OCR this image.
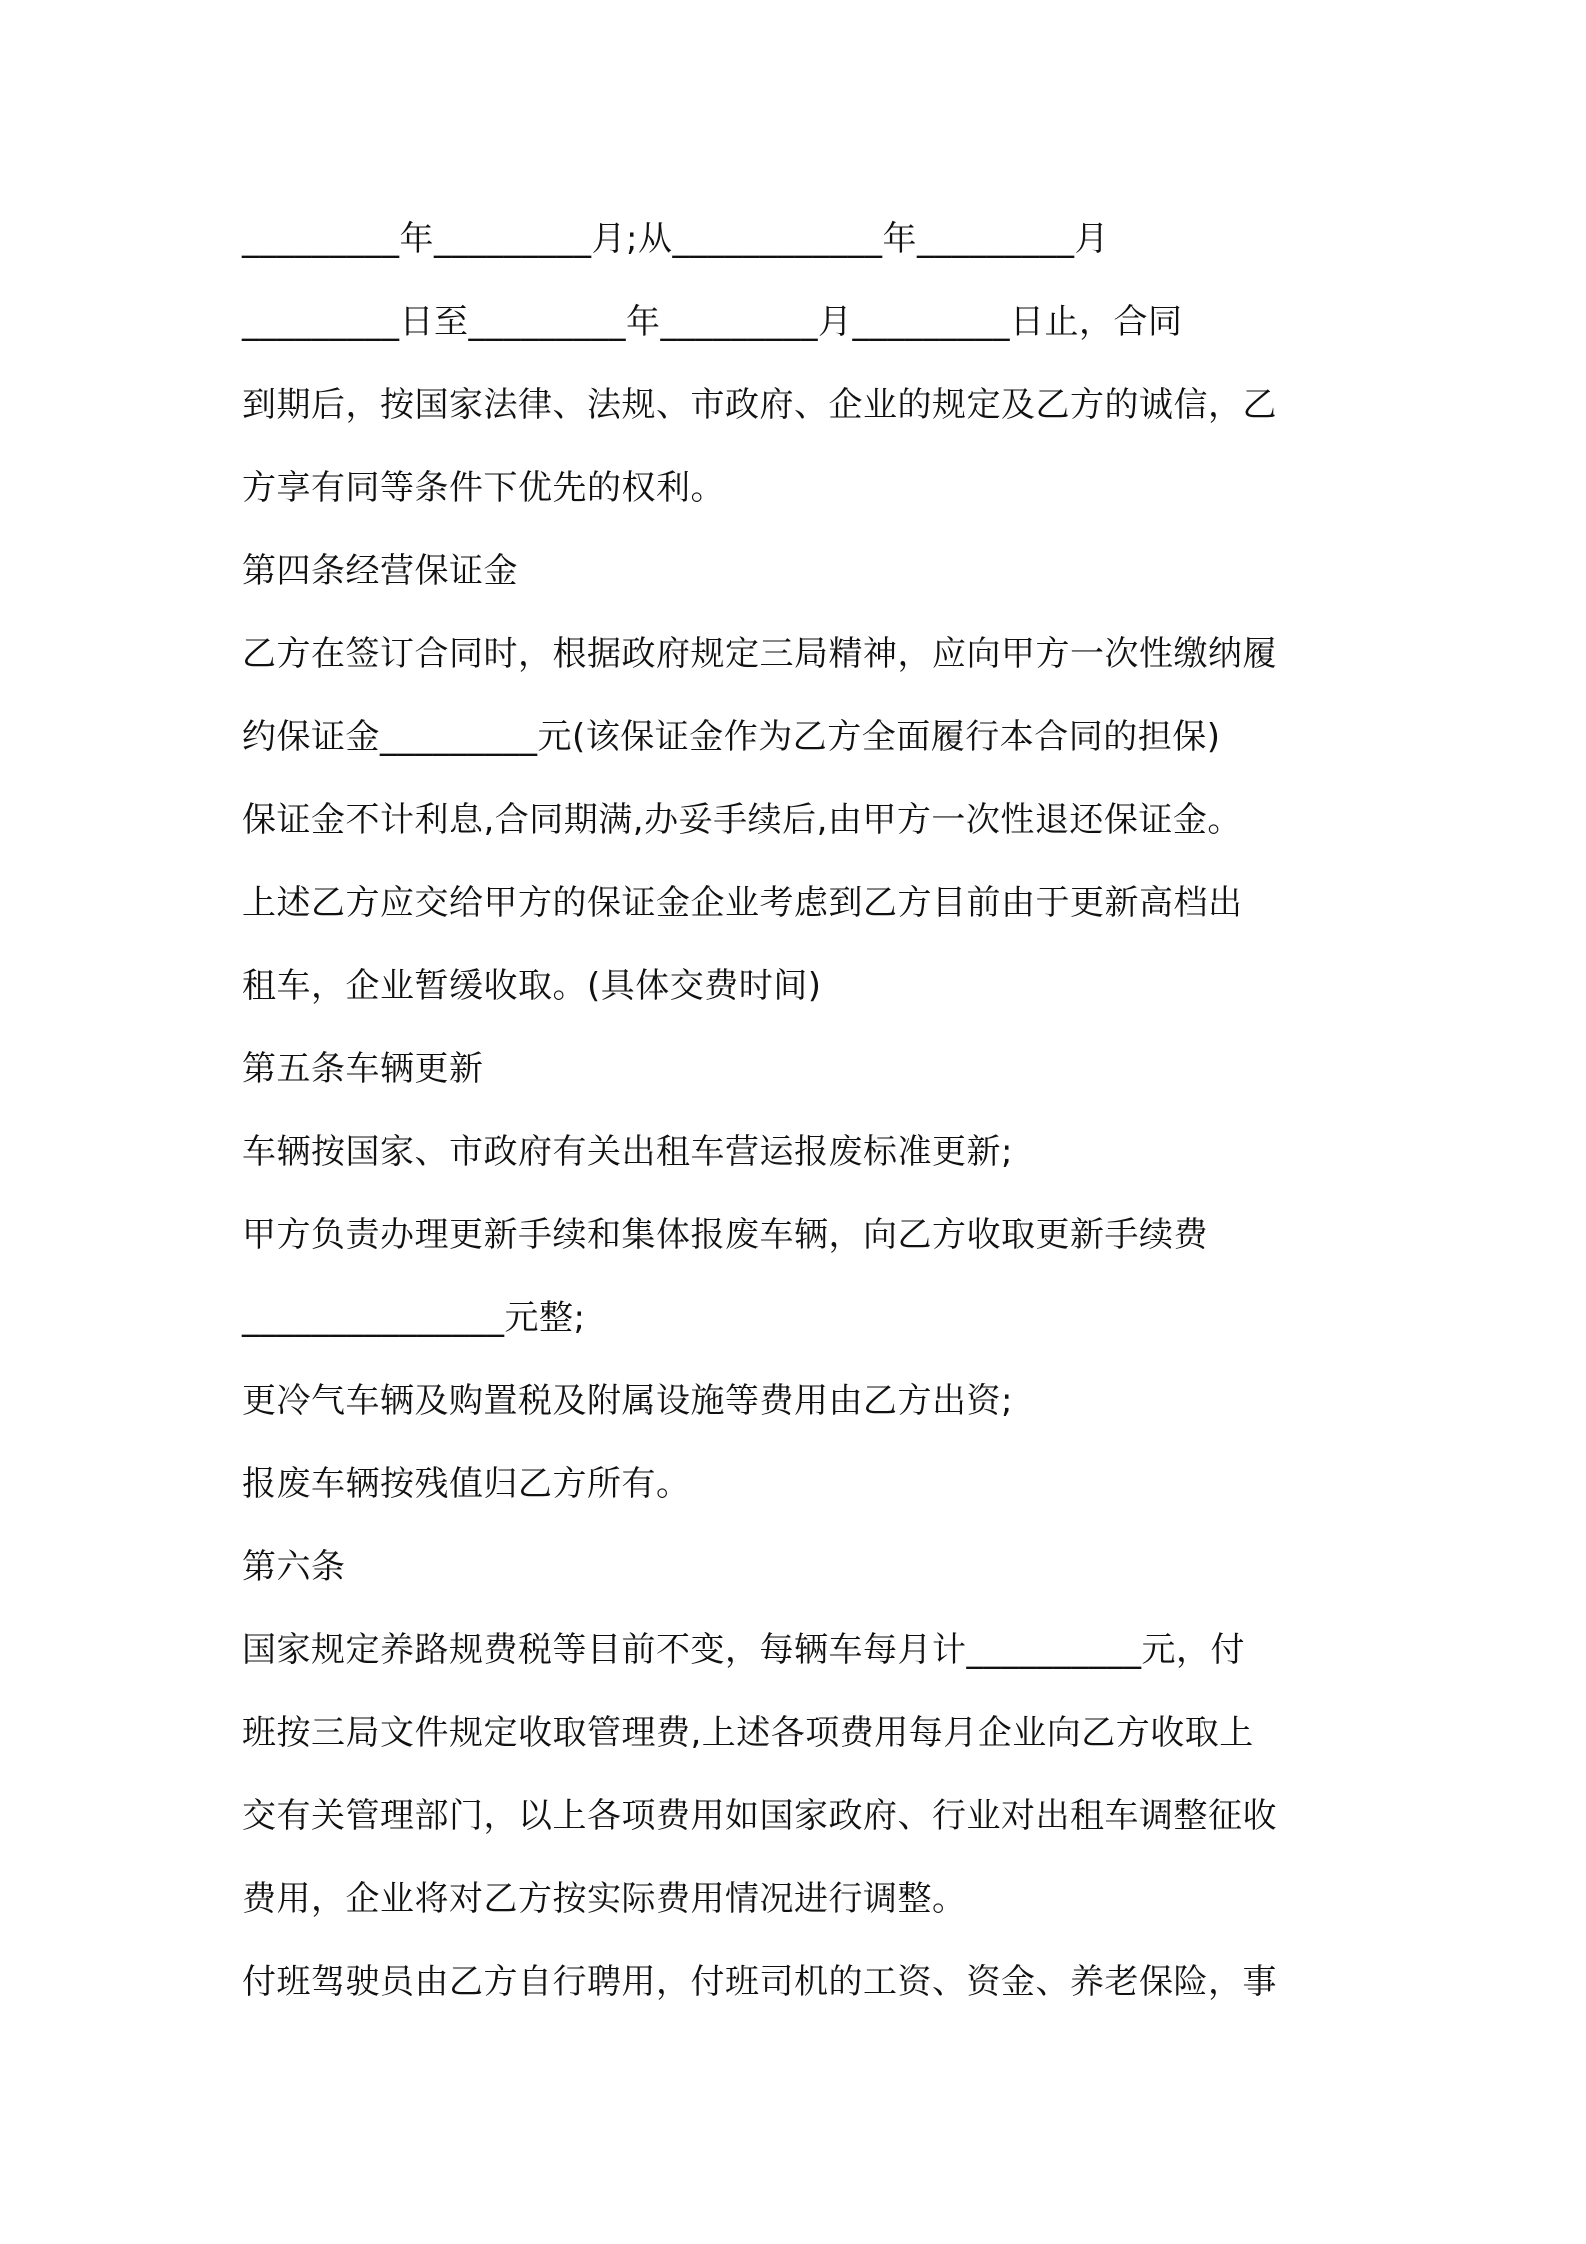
_________年_________月;从____________年_________月
_________日至_________年_________月_________日止，合同
到期后，按国家法律、法规、市政府、企业的规定及乙方的诚信，乙
方享有同等条件下优先的权利。
第四条经营保证金
乙方在签订合同时，根据政府规定三局精神，应向甲方一次性缴纳履
约保证金_________元(该保证金作为乙方全面履行本合同的担保)
保证金不计利息,合同期满,办妥手续后,由甲方一次性退还保证金。
上述乙方应交给甲方的保证金企业考虑到乙方目前由于更新高档出
租车，企业暂缓收取。(具体交费时间)
第五条车辆更新
车辆按国家、市政府有关出租车营运报废标准更新;
甲方负责办理更新手续和集体报废车辆，向乙方收取更新手续费
_______________元整;
更冷气车辆及购置税及附属设施等费用由乙方出资;
报废车辆按残值归乙方所有。
第六条
国家规定养路规费税等目前不变，每辆车每月计__________元，付
班按三局文件规定收取管理费,上述各项费用每月企业向乙方收取上
交有关管理部门，以上各项费用如国家政府、行业对出租车调整征收
费用，企业将对乙方按实际费用情况进行调整。
付班驾驶员由乙方自行聘用，付班司机的工资、资金、养老保险，事
